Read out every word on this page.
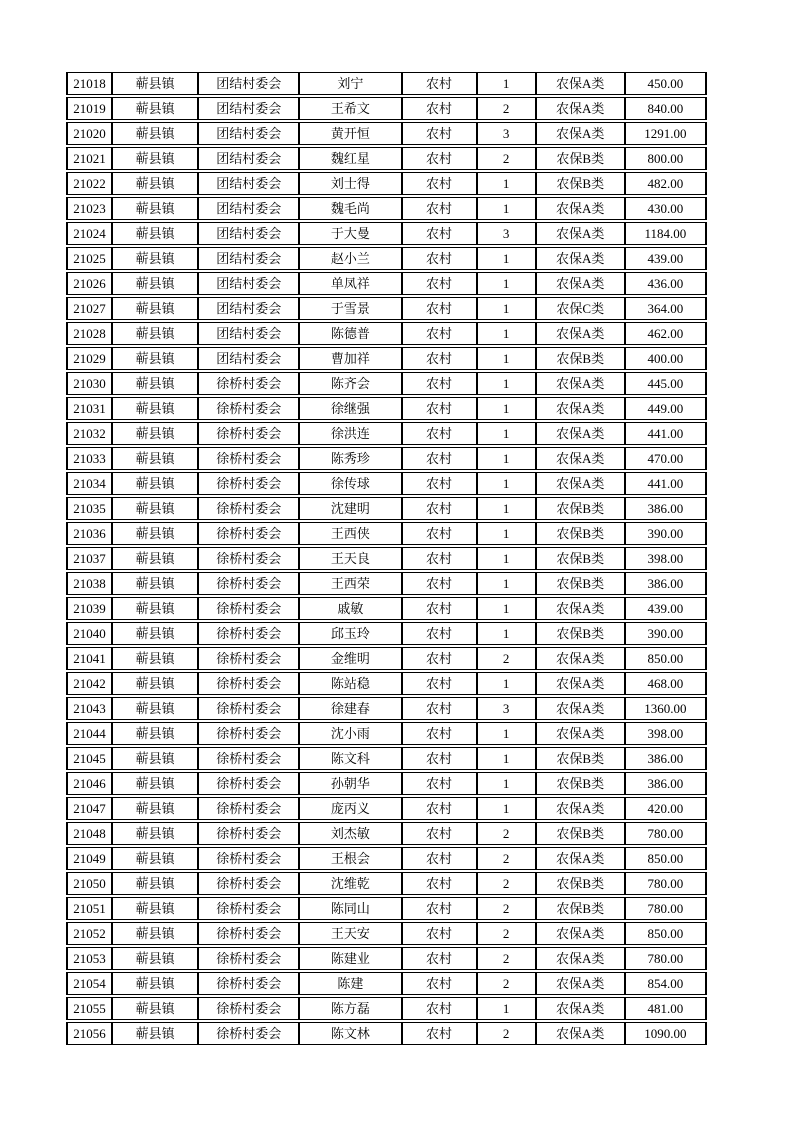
21018	蕲县镇	团结村委会	刘宁	农村	1	农保A类	450.00
21019	蕲县镇	团结村委会	王希文	农村	2	农保A类	840.00
21020	蕲县镇	团结村委会	黄开恒	农村	3	农保A类	1291.00
21021	蕲县镇	团结村委会	魏红星	农村	2	农保B类	800.00
21022	蕲县镇	团结村委会	刘士得	农村	1	农保B类	482.00
21023	蕲县镇	团结村委会	魏毛尚	农村	1	农保A类	430.00
21024	蕲县镇	团结村委会	于大曼	农村	3	农保A类	1184.00
21025	蕲县镇	团结村委会	赵小兰	农村	1	农保A类	439.00
21026	蕲县镇	团结村委会	单凤祥	农村	1	农保A类	436.00
21027	蕲县镇	团结村委会	于雪景	农村	1	农保C类	364.00
21028	蕲县镇	团结村委会	陈德普	农村	1	农保A类	462.00
21029	蕲县镇	团结村委会	曹加祥	农村	1	农保B类	400.00
21030	蕲县镇	徐桥村委会	陈齐会	农村	1	农保A类	445.00
21031	蕲县镇	徐桥村委会	徐继强	农村	1	农保A类	449.00
21032	蕲县镇	徐桥村委会	徐洪连	农村	1	农保A类	441.00
21033	蕲县镇	徐桥村委会	陈秀珍	农村	1	农保A类	470.00
21034	蕲县镇	徐桥村委会	徐传球	农村	1	农保A类	441.00
21035	蕲县镇	徐桥村委会	沈建明	农村	1	农保B类	386.00
21036	蕲县镇	徐桥村委会	王西侠	农村	1	农保B类	390.00
21037	蕲县镇	徐桥村委会	王天良	农村	1	农保B类	398.00
21038	蕲县镇	徐桥村委会	王西荣	农村	1	农保B类	386.00
21039	蕲县镇	徐桥村委会	戚敏	农村	1	农保A类	439.00
21040	蕲县镇	徐桥村委会	邱玉玲	农村	1	农保B类	390.00
21041	蕲县镇	徐桥村委会	金维明	农村	2	农保A类	850.00
21042	蕲县镇	徐桥村委会	陈站稳	农村	1	农保A类	468.00
21043	蕲县镇	徐桥村委会	徐建春	农村	3	农保A类	1360.00
21044	蕲县镇	徐桥村委会	沈小雨	农村	1	农保A类	398.00
21045	蕲县镇	徐桥村委会	陈文科	农村	1	农保B类	386.00
21046	蕲县镇	徐桥村委会	孙朝华	农村	1	农保B类	386.00
21047	蕲县镇	徐桥村委会	庞丙义	农村	1	农保A类	420.00
21048	蕲县镇	徐桥村委会	刘杰敏	农村	2	农保B类	780.00
21049	蕲县镇	徐桥村委会	王根会	农村	2	农保A类	850.00
21050	蕲县镇	徐桥村委会	沈维乾	农村	2	农保B类	780.00
21051	蕲县镇	徐桥村委会	陈同山	农村	2	农保B类	780.00
21052	蕲县镇	徐桥村委会	王天安	农村	2	农保A类	850.00
21053	蕲县镇	徐桥村委会	陈建业	农村	2	农保A类	780.00
21054	蕲县镇	徐桥村委会	陈建	农村	2	农保A类	854.00
21055	蕲县镇	徐桥村委会	陈方磊	农村	1	农保A类	481.00
21056	蕲县镇	徐桥村委会	陈文林	农村	2	农保A类	1090.00
